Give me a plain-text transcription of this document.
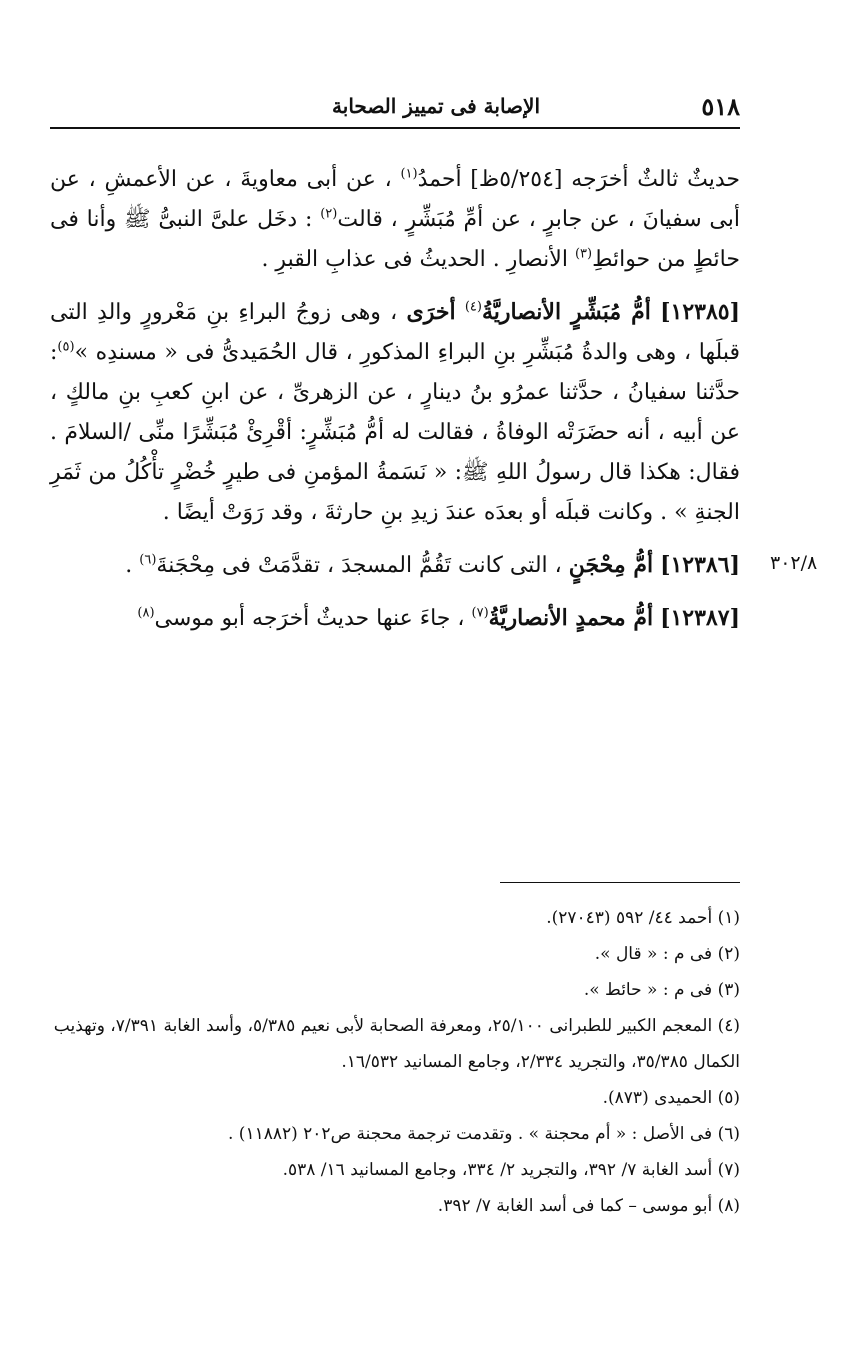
٥١٨
الإصابة فى تمييز الصحابة
٣٠٢/٨

حديثٌ ثالثٌ أخرَجه [٥/٢٥٤ظ] أحمدُ$^{(١)}$ ، عن أبى معاويةَ ، عن الأعمشِ ، عن أبى سفيانَ ، عن جابرٍ ، عن أمِّ مُبَشِّرٍ ، قالت$^{(٢)}$ : دخَل علىَّ النبىُّ ﷺ وأنا فى حائطٍ من حوائطِ$^{(٣)}$ الأنصارِ . الحديثُ فى عذابِ القبرِ .

[١٢٣٨٥] أمُّ مُبَشِّرٍ الأنصاريَّةُ$^{(٤)}$ أخرَى ، وهى زوجُ البراءِ بنِ مَعْرورٍ والدِ التى قبلَها ، وهى والدةُ مُبَشِّرِ بنِ البراءِ المذكورِ ، قال الحُمَيدىُّ فى « مسندِه »$^{(٥)}$: حدَّثنا سفيانُ ، حدَّثنا عمرُو بنُ دينارٍ ، عن الزهرىِّ ، عن ابنِ كعبِ بنِ مالكٍ ، عن أبيه ، أنه حضَرَتْه الوفاةُ ، فقالت له أمُّ مُبَشِّرٍ: أقْرِئْ مُبَشِّرًا منِّى /السلامَ . فقال: هكذا قال رسولُ اللهِ ﷺ: « نَسَمةُ المؤمنِ فى طيرٍ خُضْرٍ تأْكُلُ من ثَمَرِ الجنةِ » . وكانت قبلَه أو بعدَه عندَ زيدِ بنِ حارثةَ ، وقد رَوَتْ أيضًا .

[١٢٣٨٦] أمُّ مِحْجَنٍ ، التى كانت تَقُمُّ المسجدَ ، تقدَّمَتْ فى مِحْجَنةَ$^{(٦)}$ .

[١٢٣٨٧] أمُّ محمدٍ الأنصاريَّةُ$^{(٧)}$ ، جاءَ عنها حديثٌ أخرَجه أبو موسى$^{(٨)}$

(١) أحمد ٤٤/ ٥٩٢ (٢٧٠٤٣).

(٢) فى م : « قال ».

(٣) فى م : « حائط ».

(٤) المعجم الكبير للطبرانى ٢٥/١٠٠، ومعرفة الصحابة لأبى نعيم ٥/٣٨٥، وأسد الغابة ٧/٣٩١، وتهذيب الكمال ٣٥/٣٨٥، والتجريد ٢/٣٣٤، وجامع المسانيد ١٦/٥٣٢.

(٥) الحميدى (٨٧٣).

(٦) فى الأصل : « أم محجنة » . وتقدمت ترجمة محجنة ص٢٠٢ (١١٨٨٢) .

(٧) أسد الغابة ٧/ ٣٩٢، والتجريد ٢/ ٣٣٤، وجامع المسانيد ١٦/ ٥٣٨.

(٨) أبو موسى – كما فى أسد الغابة ٧/ ٣٩٢.
